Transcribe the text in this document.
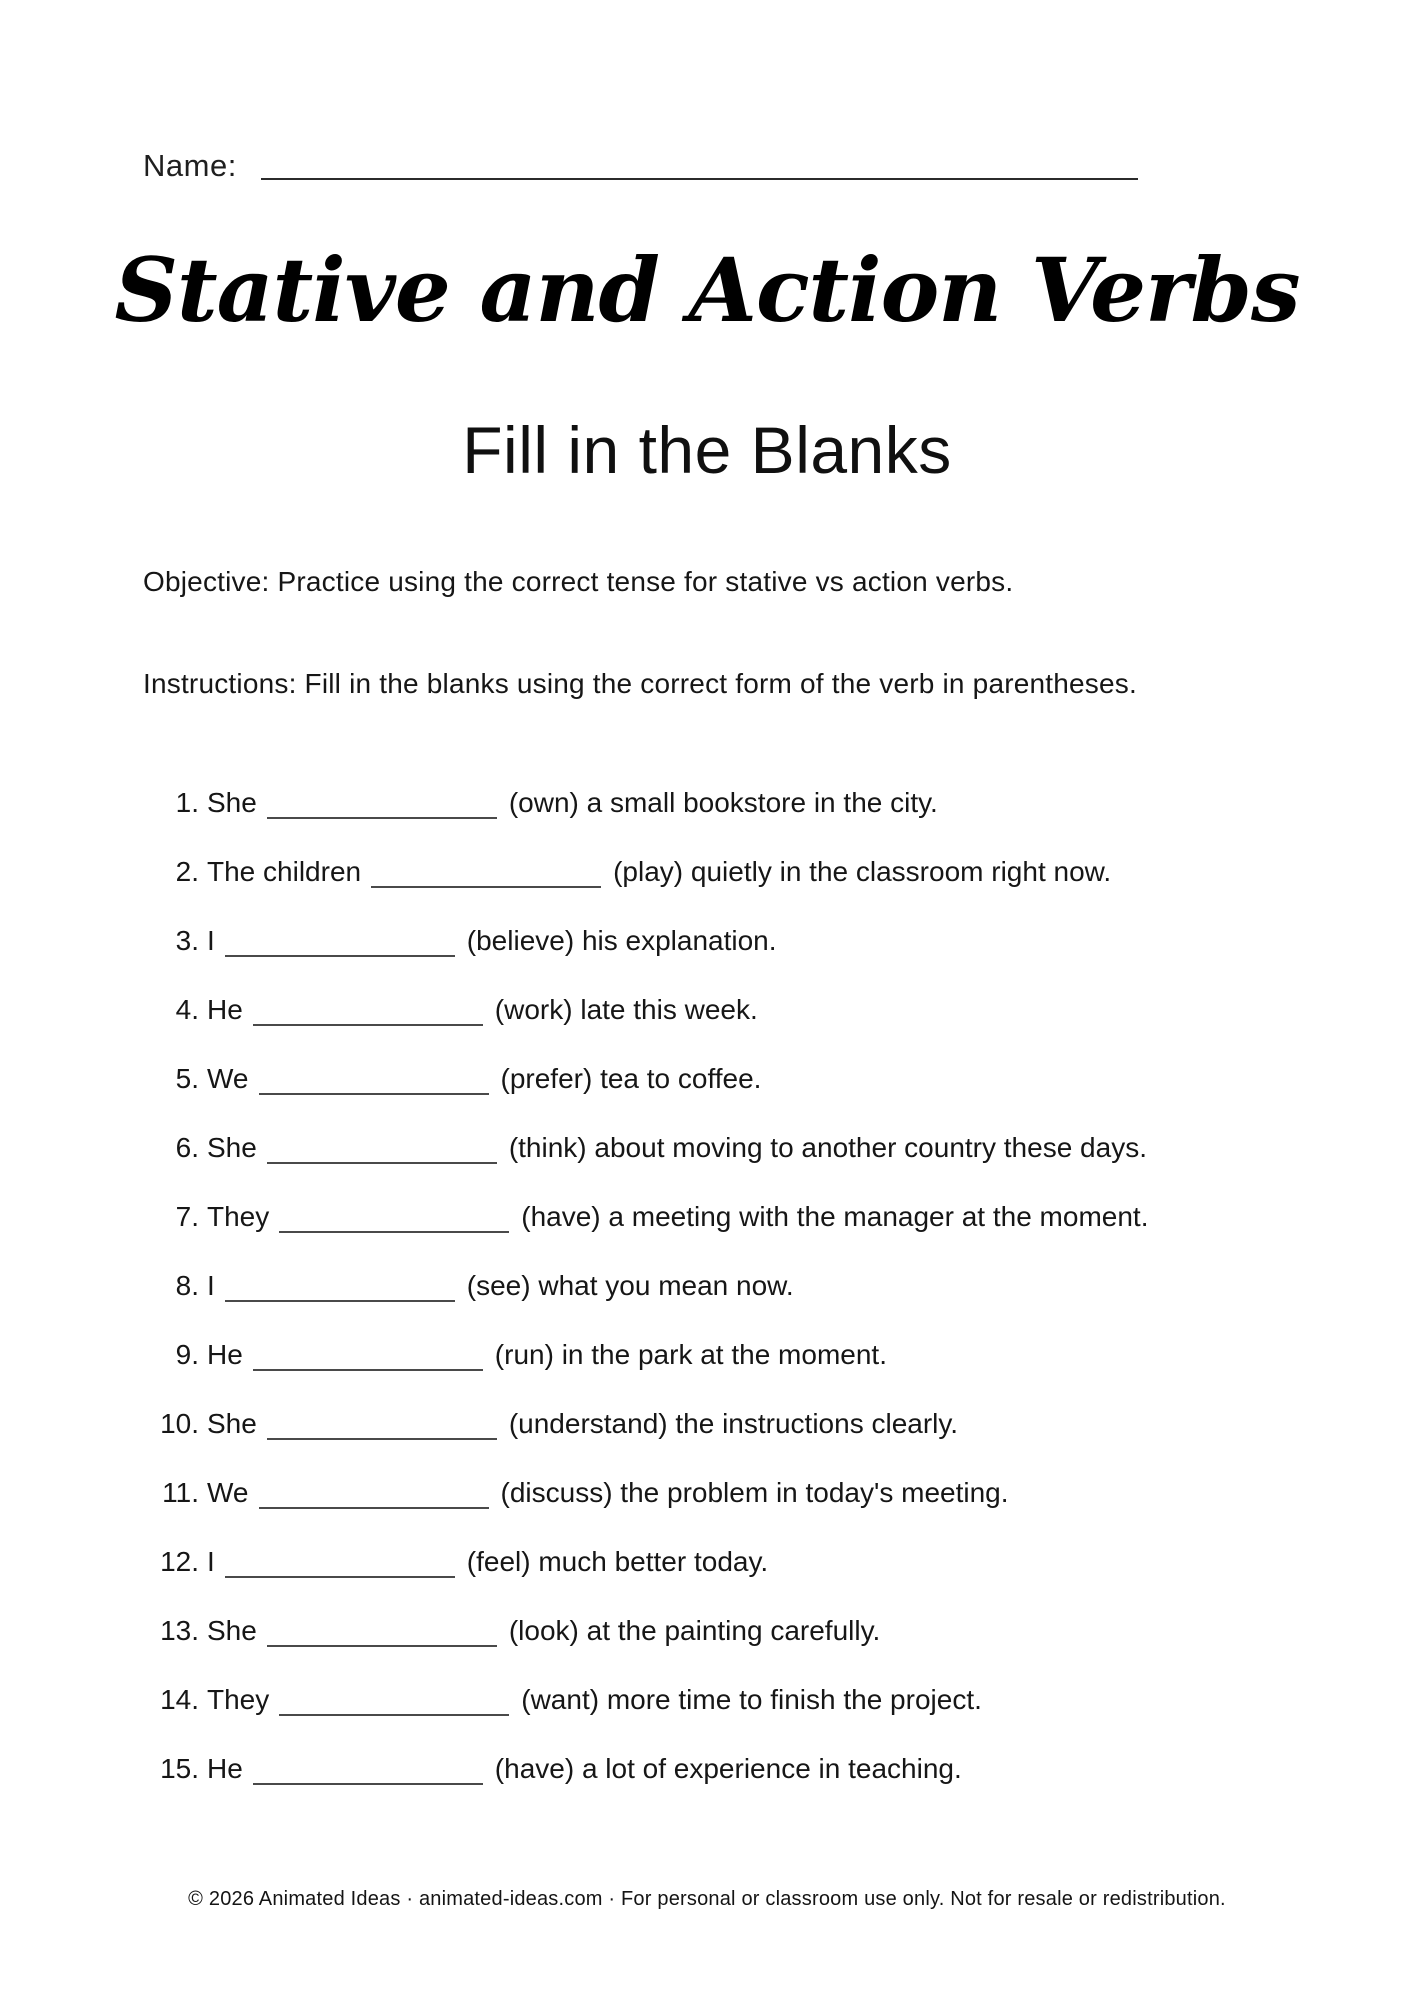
Name:
Stative and Action Verbs
Fill in the Blanks
Objective: Practice using the correct tense for stative vs action verbs.
Instructions: Fill in the blanks using the correct form of the verb in parentheses.
1. She	(own) a small bookstore in the city.
2. The children	(play) quietly in the classroom right now.
3. I	(believe) his explanation.
4. He	(work) late this week.
5. We	(prefer) tea to coffee.
6. She	(think) about moving to another country these days.
7. They	(have) a meeting with the manager at the moment.
8. I	(see) what you mean now.
9. He	(run) in the park at the moment.
10. She	(understand) the instructions clearly.
11. We	(discuss) the problem in today's meeting.
12. I	(feel) much better today.
13. She	(look) at the painting carefully.
14. They	(want) more time to finish the project.
15. He	(have) a lot of experience in teaching.
© 2026 Animated Ideas · animated-ideas.com · For personal or classroom use only. Not for resale or redistribution.
